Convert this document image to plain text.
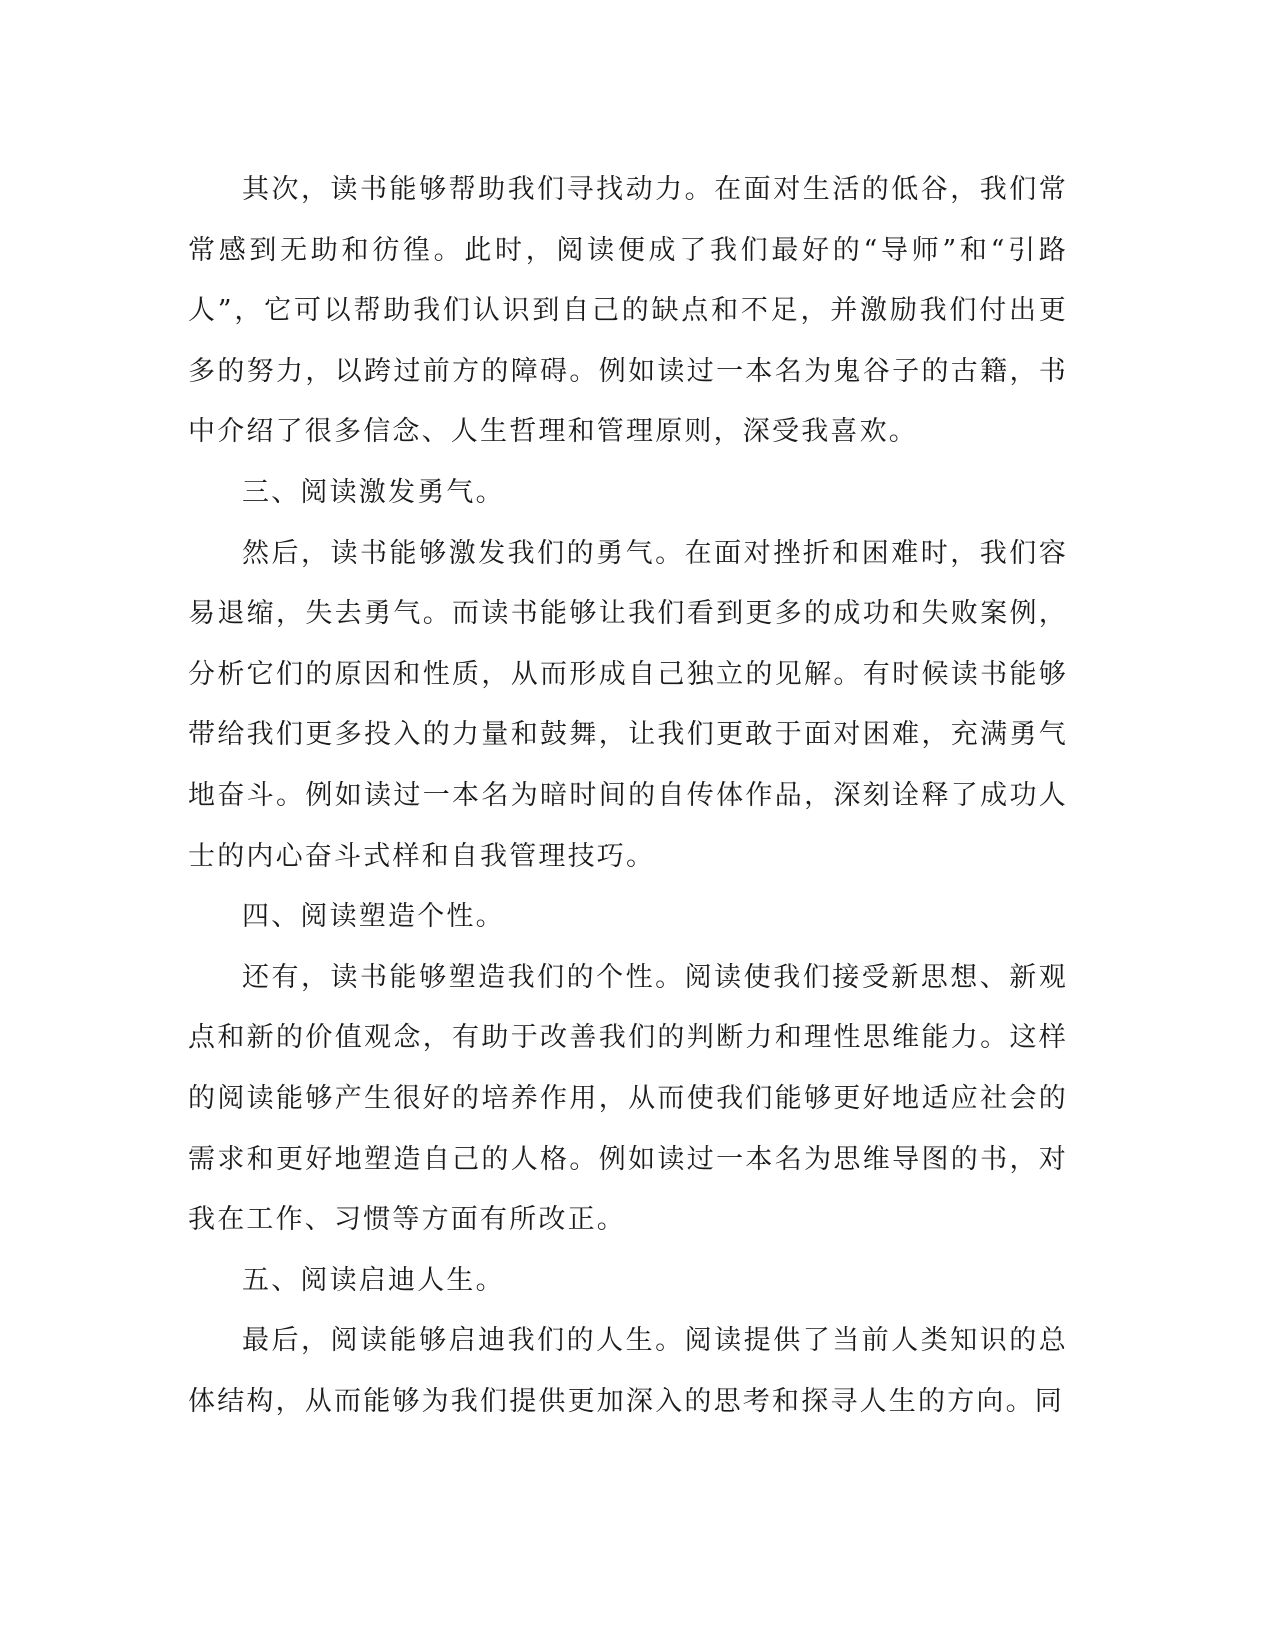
其次，读书能够帮助我们寻找动力。在面对生活的低谷，我们常常感到无助和彷徨。此时，阅读便成了我们最好的“导师”和“引路人”，它可以帮助我们认识到自己的缺点和不足，并激励我们付出更多的努力，以跨过前方的障碍。例如读过一本名为鬼谷子的古籍，书中介绍了很多信念、人生哲理和管理原则，深受我喜欢。

三、阅读激发勇气。

然后，读书能够激发我们的勇气。在面对挫折和困难时，我们容易退缩，失去勇气。而读书能够让我们看到更多的成功和失败案例，分析它们的原因和性质，从而形成自己独立的见解。有时候读书能够带给我们更多投入的力量和鼓舞，让我们更敢于面对困难，充满勇气地奋斗。例如读过一本名为暗时间的自传体作品，深刻诠释了成功人士的内心奋斗式样和自我管理技巧。

四、阅读塑造个性。

还有，读书能够塑造我们的个性。阅读使我们接受新思想、新观点和新的价值观念，有助于改善我们的判断力和理性思维能力。这样的阅读能够产生很好的培养作用，从而使我们能够更好地适应社会的需求和更好地塑造自己的人格。例如读过一本名为思维导图的书，对我在工作、习惯等方面有所改正。

五、阅读启迪人生。

最后，阅读能够启迪我们的人生。阅读提供了当前人类知识的总体结构，从而能够为我们提供更加深入的思考和探寻人生的方向。同
